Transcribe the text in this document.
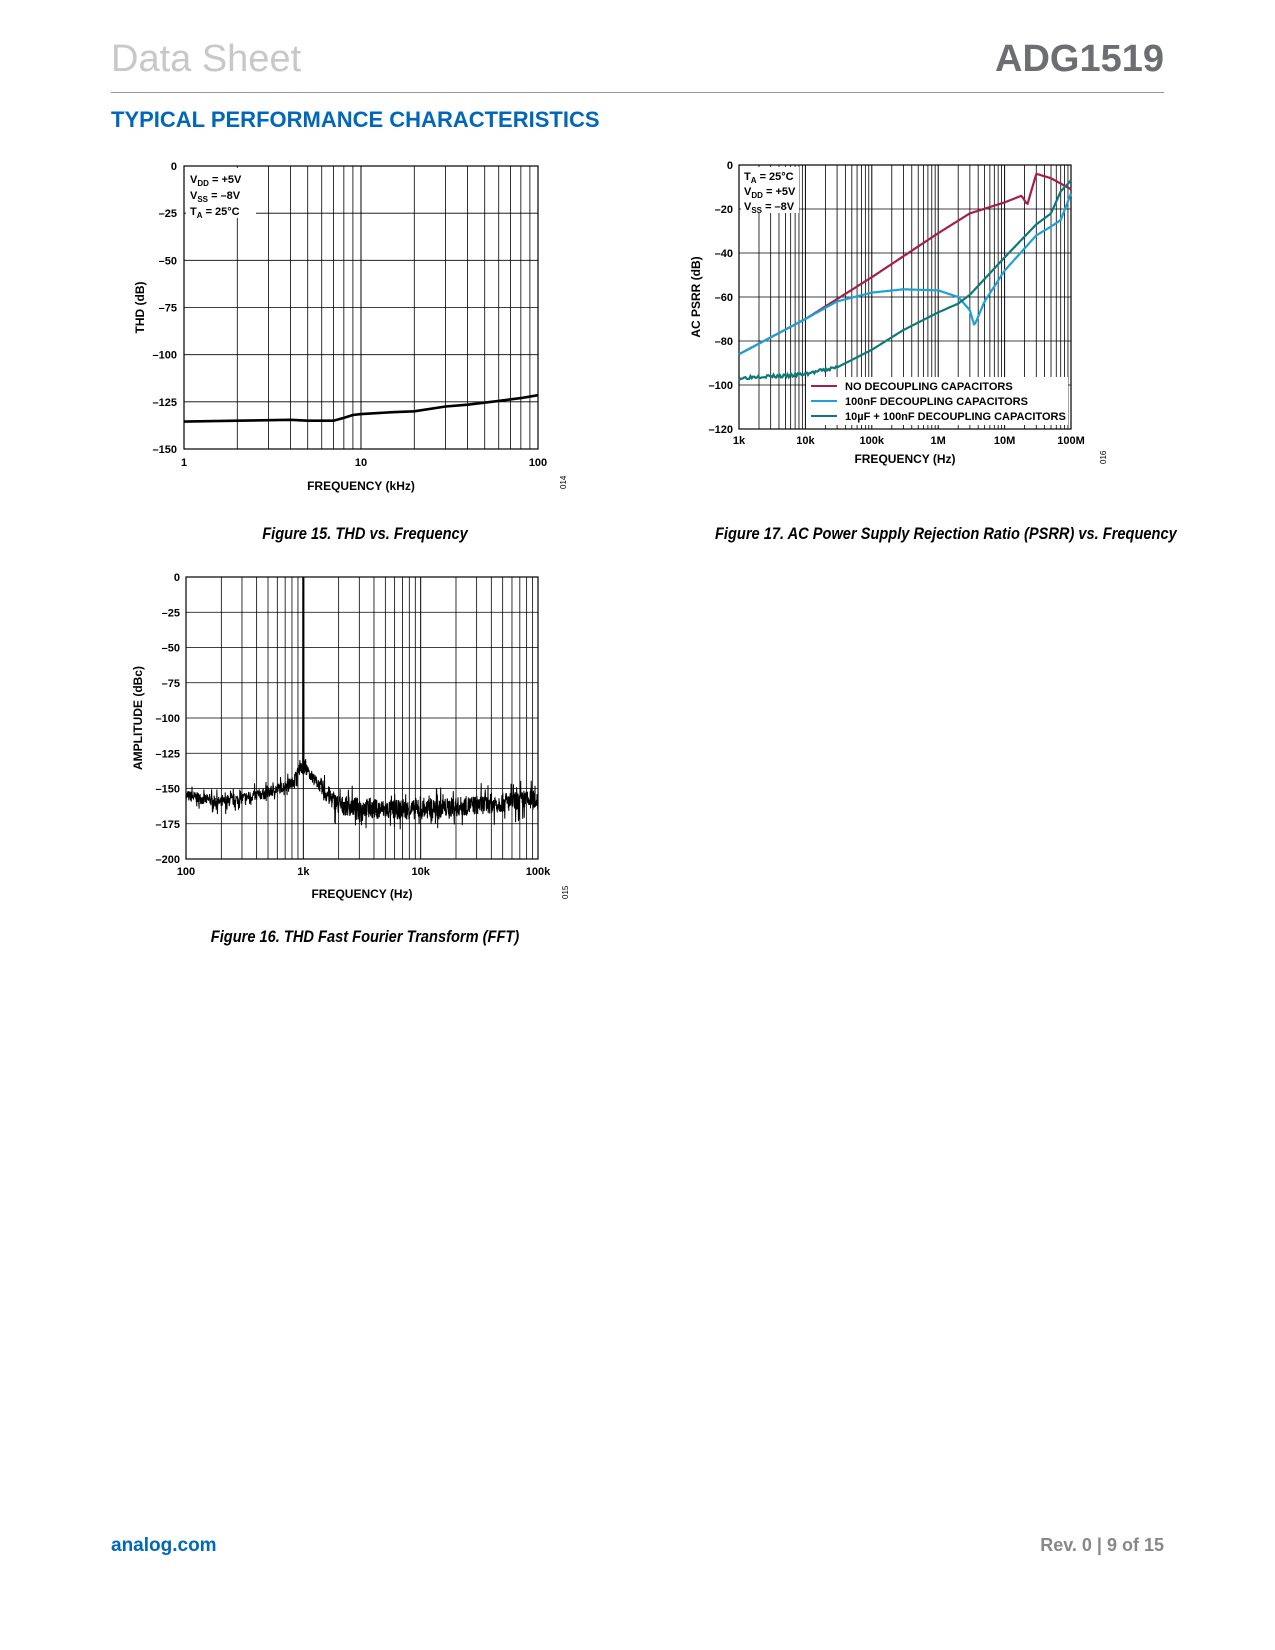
Data Sheet	ADG1519
TYPICAL PERFORMANCE CHARACTERISTICS
0
–25
–50
–75
–100
–125
–150
1	10	100
FREQUENCY (kHz)
THD (dB)
$V_{DD} = +5V$
$V_{SS} = -8V$
$T_A = 25^\circ C$
014
Figure 15. THD vs. Frequency
0
–25
–50
–75
–100
–125
–150
–175
–200
100	1k	10k	100k
FREQUENCY (Hz)
AMPLITUDE (dBc)
015
Figure 16. THD Fast Fourier Transform (FFT)
0
–20
–40
–60
–80
–100
–120
1k	10k	100k	1M	10M	100M
FREQUENCY (Hz)
AC PSRR (dB)
$T_A = 25^\circ C$
$V_{DD} = +5V$
$V_{SS} = -8V$
NO DECOUPLING CAPACITORS
100nF DECOUPLING CAPACITORS
10µF + 100nF DECOUPLING CAPACITORS
016
Figure 17. AC Power Supply Rejection Ratio (PSRR) vs. Frequency
analog.com	Rev. 0 | 9 of 15
